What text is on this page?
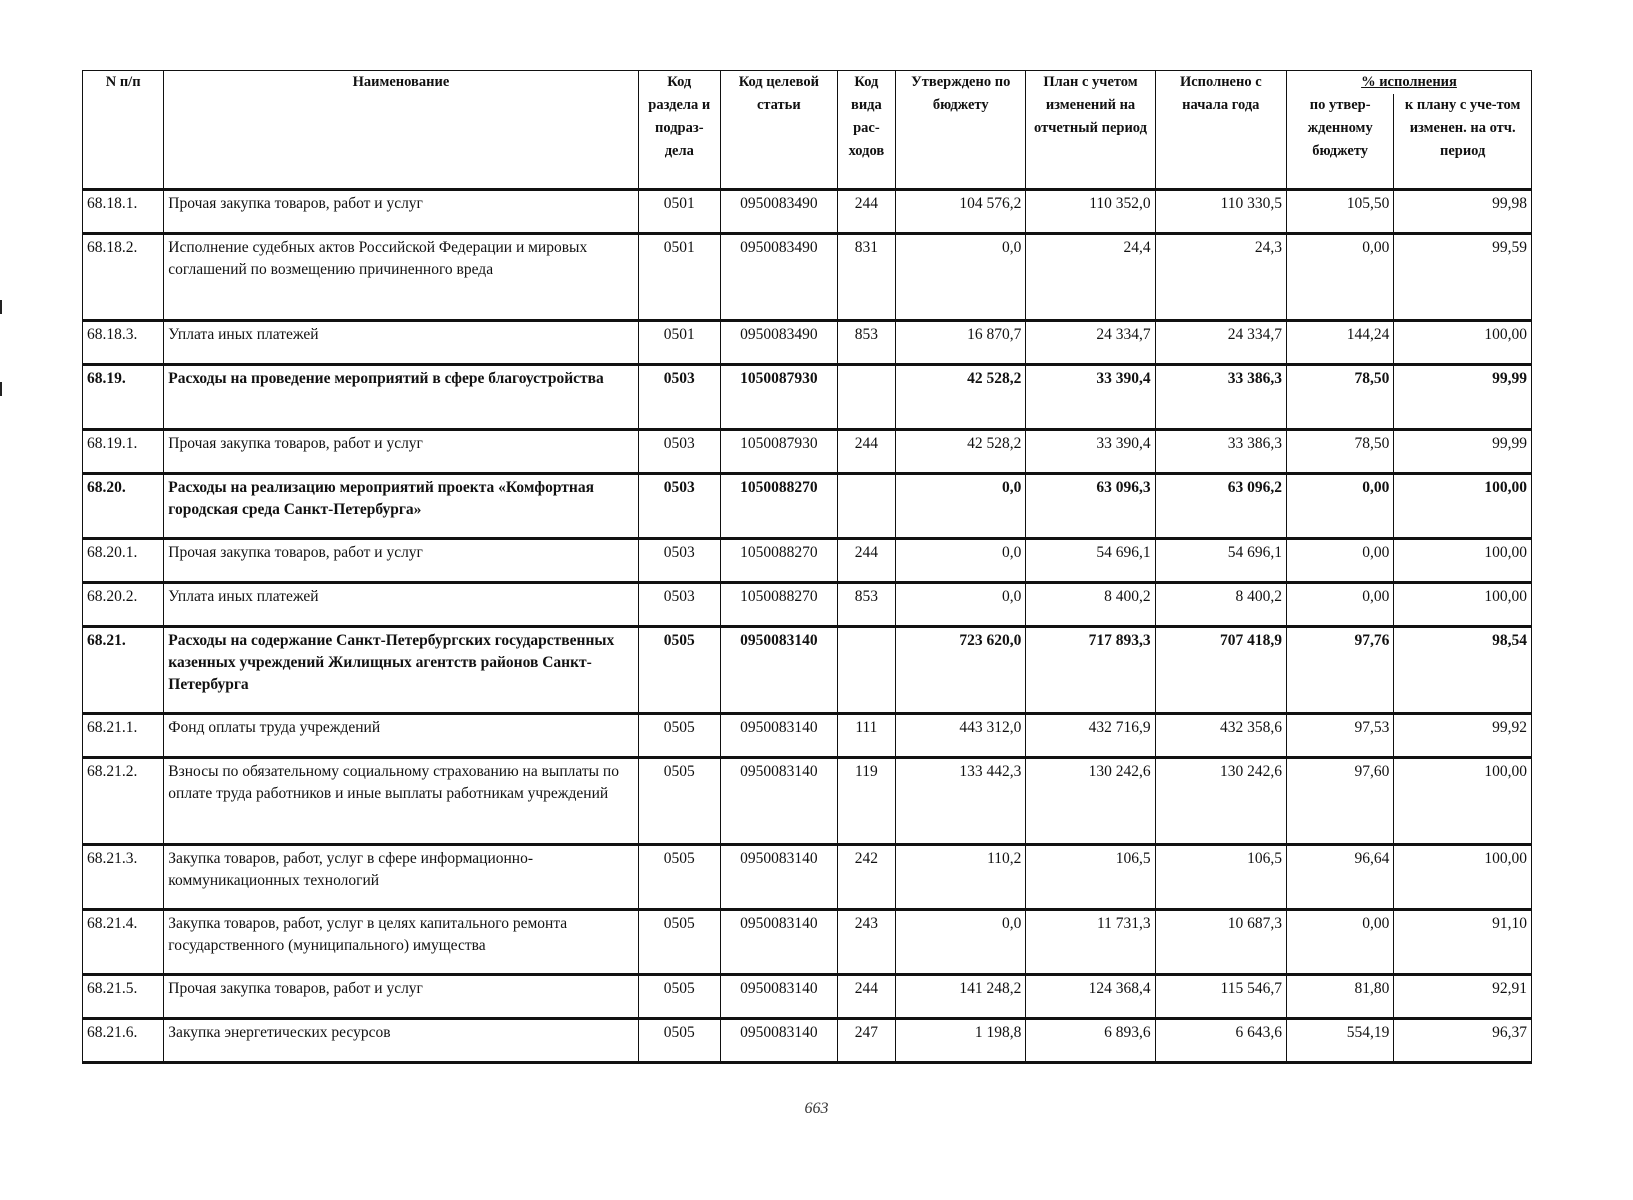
N п/п	Наименование	Код раздела и подраз-дела	Код целевой статьи	Код вида рас-ходов	Утверждено по бюджету	План с учетом изменений на отчетный период	Исполнено с начала года	% исполнения	
								по утвер-жденному бюджету	к плану с уче-том изменен. на отч. период
68.18.1.	Прочая закупка товаров, работ и услуг	0501	0950083490	244	104 576,2	110 352,0	110 330,5	105,50	99,98
68.18.2.	Исполнение судебных актов Российской Федерации и мировых соглашений по возмещению причиненного вреда	0501	0950083490	831	0,0	24,4	24,3	0,00	99,59
68.18.3.	Уплата иных платежей	0501	0950083490	853	16 870,7	24 334,7	24 334,7	144,24	100,00
68.19.	Расходы на проведение мероприятий в сфере благоустройства	0503	1050087930		42 528,2	33 390,4	33 386,3	78,50	99,99
68.19.1.	Прочая закупка товаров, работ и услуг	0503	1050087930	244	42 528,2	33 390,4	33 386,3	78,50	99,99
68.20.	Расходы на реализацию мероприятий проекта «Комфортная городская среда Санкт-Петербурга»	0503	1050088270		0,0	63 096,3	63 096,2	0,00	100,00
68.20.1.	Прочая закупка товаров, работ и услуг	0503	1050088270	244	0,0	54 696,1	54 696,1	0,00	100,00
68.20.2.	Уплата иных платежей	0503	1050088270	853	0,0	8 400,2	8 400,2	0,00	100,00
68.21.	Расходы на содержание Санкт-Петербургских государственных казенных учреждений Жилищных агентств районов Санкт-Петербурга	0505	0950083140		723 620,0	717 893,3	707 418,9	97,76	98,54
68.21.1.	Фонд оплаты труда учреждений	0505	0950083140	111	443 312,0	432 716,9	432 358,6	97,53	99,92
68.21.2.	Взносы по обязательному социальному страхованию на выплаты по оплате труда работников и иные выплаты работникам учреждений	0505	0950083140	119	133 442,3	130 242,6	130 242,6	97,60	100,00
68.21.3.	Закупка товаров, работ, услуг в сфере информационно-коммуникационных технологий	0505	0950083140	242	110,2	106,5	106,5	96,64	100,00
68.21.4.	Закупка товаров, работ, услуг в целях капитального ремонта государственного (муниципального) имущества	0505	0950083140	243	0,0	11 731,3	10 687,3	0,00	91,10
68.21.5.	Прочая закупка товаров, работ и услуг	0505	0950083140	244	141 248,2	124 368,4	115 546,7	81,80	92,91
68.21.6.	Закупка энергетических ресурсов	0505	0950083140	247	1 198,8	6 893,6	6 643,6	554,19	96,37
663
